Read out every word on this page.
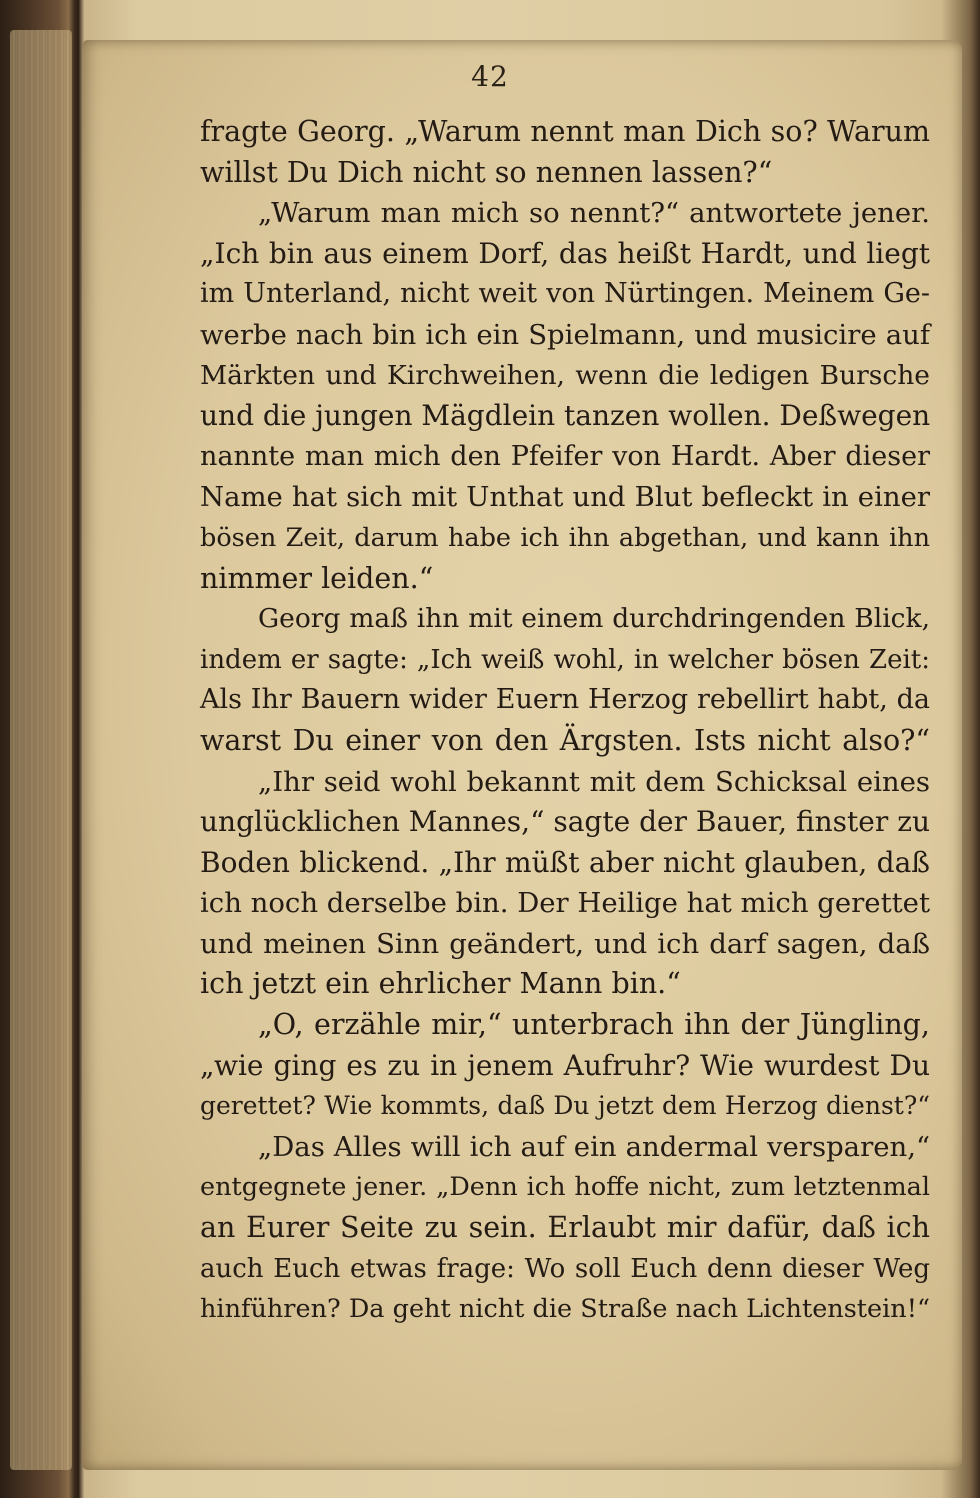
42
fragte Georg. „Warum nennt man Dich so? Warum
willst Du Dich nicht so nennen lassen?“
„Warum man mich so nennt?“ antwortete jener.
„Ich bin aus einem Dorf, das heißt Hardt, und liegt
im Unterland, nicht weit von Nürtingen. Meinem Ge-
werbe nach bin ich ein Spielmann, und musicire auf
Märkten und Kirchweihen, wenn die ledigen Bursche
und die jungen Mägdlein tanzen wollen. Deßwegen
nannte man mich den Pfeifer von Hardt. Aber dieser
Name hat sich mit Unthat und Blut befleckt in einer
bösen Zeit, darum habe ich ihn abgethan, und kann ihn
nimmer leiden.“
Georg maß ihn mit einem durchdringenden Blick,
indem er sagte: „Ich weiß wohl, in welcher bösen Zeit:
Als Ihr Bauern wider Euern Herzog rebellirt habt, da
warst Du einer von den Ärgsten. Ists nicht also?“
„Ihr seid wohl bekannt mit dem Schicksal eines
unglücklichen Mannes,“ sagte der Bauer, finster zu
Boden blickend. „Ihr müßt aber nicht glauben, daß
ich noch derselbe bin. Der Heilige hat mich gerettet
und meinen Sinn geändert, und ich darf sagen, daß
ich jetzt ein ehrlicher Mann bin.“
„O, erzähle mir,“ unterbrach ihn der Jüngling,
„wie ging es zu in jenem Aufruhr? Wie wurdest Du
gerettet? Wie kommts, daß Du jetzt dem Herzog dienst?“
„Das Alles will ich auf ein andermal versparen,“
entgegnete jener. „Denn ich hoffe nicht, zum letztenmal
an Eurer Seite zu sein. Erlaubt mir dafür, daß ich
auch Euch etwas frage: Wo soll Euch denn dieser Weg
hinführen? Da geht nicht die Straße nach Lichtenstein!“
